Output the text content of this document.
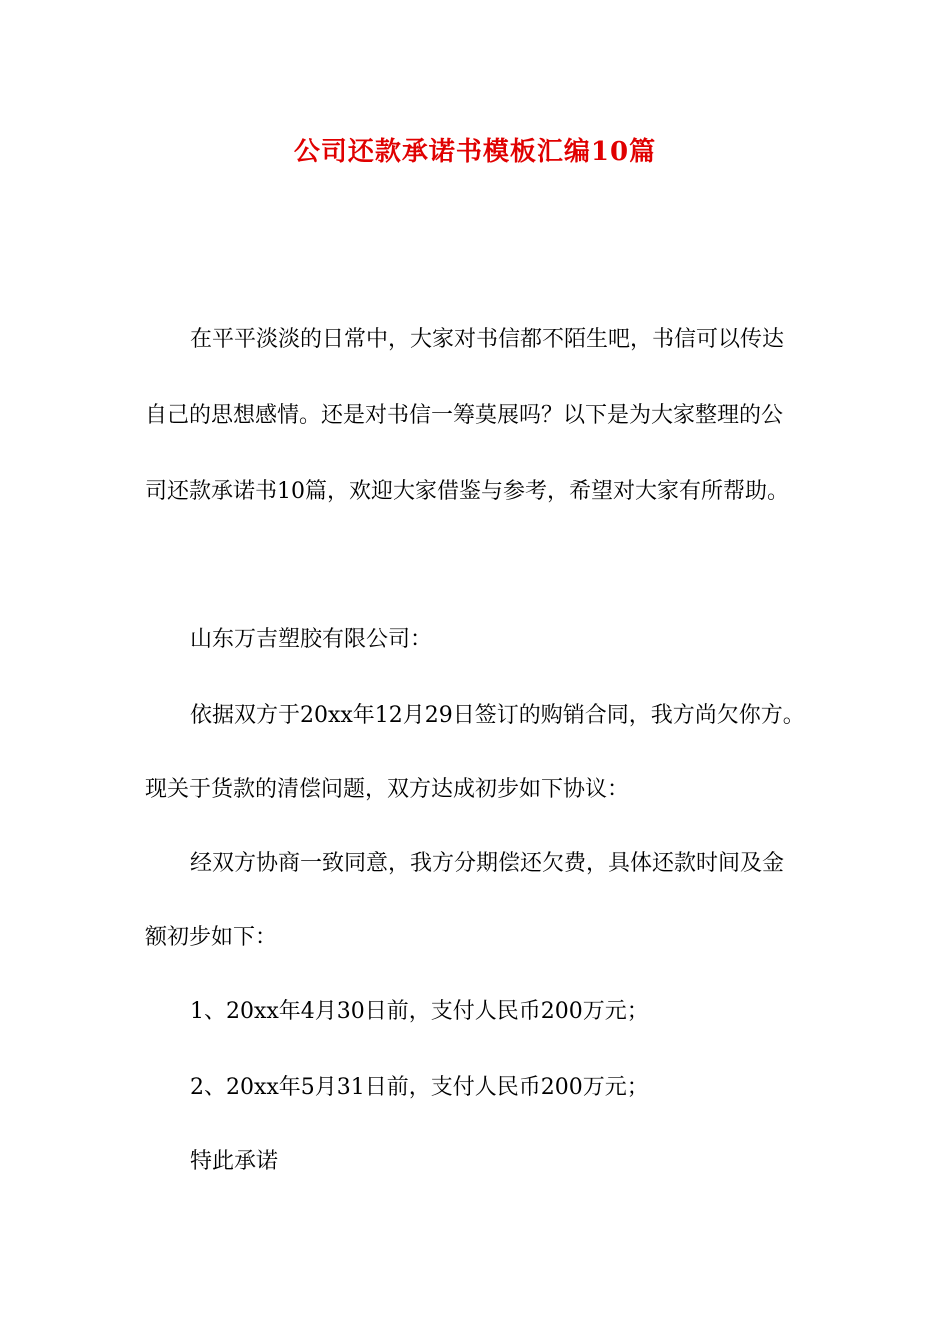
公司还款承诺书模板汇编10篇

在平平淡淡的日常中，大家对书信都不陌生吧，书信可以传达

自己的思想感情。还是对书信一筹莫展吗？以下是为大家整理的公

司还款承诺书10篇，欢迎大家借鉴与参考，希望对大家有所帮助。

山东万吉塑胶有限公司：

依据双方于20xx年12月29日签订的购销合同，我方尚欠你方。

现关于货款的清偿问题，双方达成初步如下协议：

经双方协商一致同意，我方分期偿还欠费，具体还款时间及金

额初步如下：

1、20xx年4月30日前，支付人民币200万元；

2、20xx年5月31日前，支付人民币200万元；

特此承诺
